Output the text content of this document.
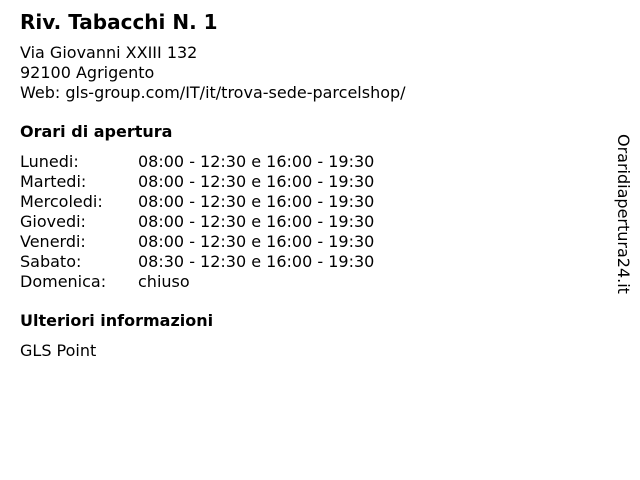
Riv. Tabacchi N. 1
Via Giovanni XXIII 132
92100 Agrigento
Web: gls-group.com/IT/it/trova-sede-parcelshop/
Orari di apertura
Lunedi:	08:00 - 12:30 e 16:00 - 19:30
Martedi:	08:00 - 12:30 e 16:00 - 19:30
Mercoledi:	08:00 - 12:30 e 16:00 - 19:30
Giovedi:	08:00 - 12:30 e 16:00 - 19:30
Venerdi:	08:00 - 12:30 e 16:00 - 19:30
Sabato:	08:30 - 12:30 e 16:00 - 19:30
Domenica:	chiuso
Ulteriori informazioni
GLS Point
Oraridiapertura24.it
